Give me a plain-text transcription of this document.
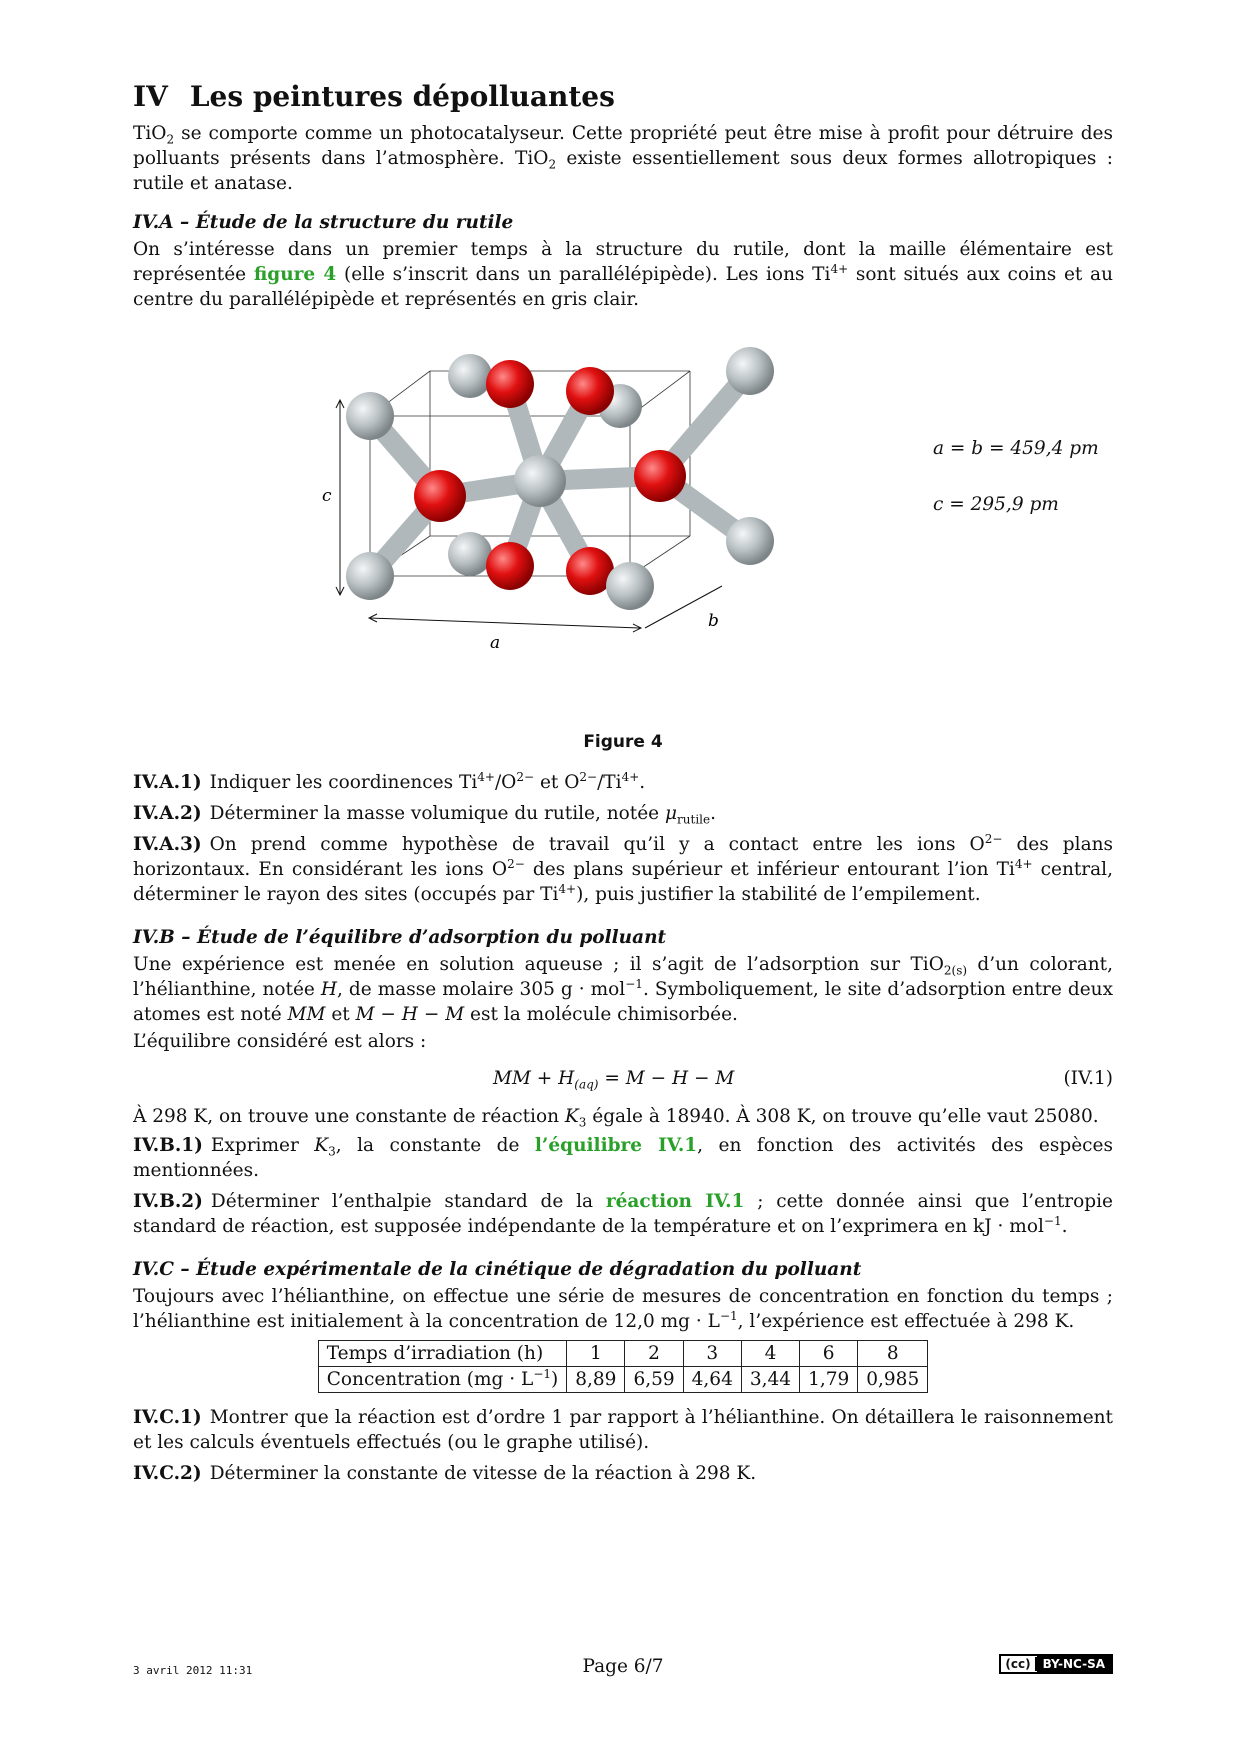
IV Les peintures dépolluantes

TiO$_2$ se comporte comme un photocatalyseur. Cette propriété peut être mise à profit pour détruire des polluants présents dans l’atmosphère. TiO$_2$ existe essentiellement sous deux formes allotropiques : rutile et anatase.

IV.A – Étude de la structure du rutile

On s’intéresse dans un premier temps à la structure du rutile, dont la maille élémentaire est représentée figure 4 (elle s’inscrit dans un parallélépipède). Les ions $Ti^{4+}$ sont situés aux coins et au centre du parallélépipède et représentés en gris clair.

c
a
b
a = b = 459,4 pm
c = 295,9 pm
Figure 4

IV.A.1) Indiquer les coordinences $Ti^{4+}/O^{2-}$ et $O^{2-}/Ti^{4+}$.

IV.A.2) Déterminer la masse volumique du rutile, notée $\mu_{rutile}$.

IV.A.3) On prend comme hypothèse de travail qu’il y a contact entre les ions $O^{2-}$ des plans horizontaux. En considérant les ions $O^{2-}$ des plans supérieur et inférieur entourant l’ion $Ti^{4+}$ central, déterminer le rayon des sites (occupés par $Ti^{4+}$), puis justifier la stabilité de l’empilement.

IV.B – Étude de l’équilibre d’adsorption du polluant

Une expérience est menée en solution aqueuse ; il s’agit de l’adsorption sur TiO$_{2(s)}$ d’un colorant, l’hélianthine, notée H, de masse molaire 305 g · mol$^{-1}$. Symboliquement, le site d’adsorption entre deux atomes est noté MM et M − H − M est la molécule chimisorbée.

L’équilibre considéré est alors :

MM + $H_{(aq)} = M - H - M$	(IV.1)

À 298 K, on trouve une constante de réaction $K_3$ égale à 18940. À 308 K, on trouve qu’elle vaut 25080.

IV.B.1) Exprimer $K_3$, la constante de l’équilibre IV.1, en fonction des activités des espèces mentionnées.

IV.B.2) Déterminer l’enthalpie standard de la réaction IV.1 ; cette donnée ainsi que l’entropie standard de réaction, est supposée indépendante de la température et on l’exprimera en kJ · mol$^{-1}$.

IV.C – Étude expérimentale de la cinétique de dégradation du polluant

Toujours avec l’hélianthine, on effectue une série de mesures de concentration en fonction du temps ; l’hélianthine est initialement à la concentration de 12,0 mg · $L^{-1}$, l’expérience est effectuée à 298 K.

Temps d’irradiation (h)	1	2	3	4	6	8
Concentration $(mg \cdot L^{-1})$	8,89	6,59	4,64	3,44	1,79	0,985

IV.C.1) Montrer que la réaction est d’ordre 1 par rapport à l’hélianthine. On détaillera le raisonnement et les calculs éventuels effectués (ou le graphe utilisé).

IV.C.2) Déterminer la constante de vitesse de la réaction à 298 K.

3 avril 2012 11:31	Page 6/7	(cc)	BY-NC-SA
